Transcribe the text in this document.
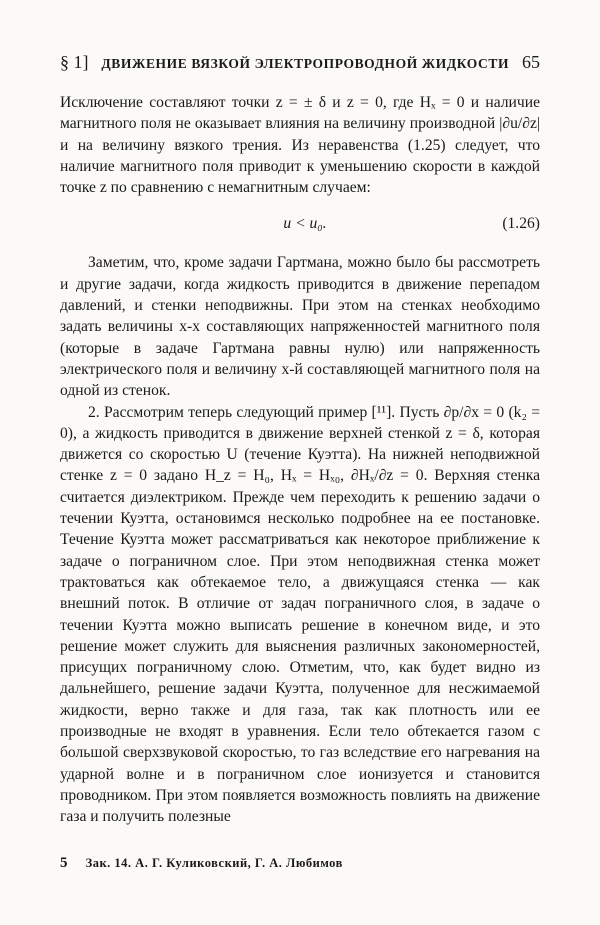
§ 1] ДВИЖЕНИЕ ВЯЗКОЙ ЭЛЕКТРОПРОВОДНОЙ ЖИДКОСТИ 65

Исключение составляют точки z = ± δ и z = 0, где Hₓ = 0 и наличие магнитного поля не оказывает влияния на величину производной |∂u/∂z| и на величину вязкого трения. Из неравенства (1.25) следует, что наличие магнитного поля приводит к уменьшению скорости в каждой точке z по сравнению с немагнитным случаем:

u < u₀.	(1.26)

Заметим, что, кроме задачи Гартмана, можно было бы рассмотреть и другие задачи, когда жидкость приводится в движение перепадом давлений, и стенки неподвижны. При этом на стенках необходимо задать величины x-x составляющих напряженностей магнитного поля (которые в задаче Гартмана равны нулю) или напряженность электрического поля и величину x-й составляющей магнитного поля на одной из стенок.

2. Рассмотрим теперь следующий пример [¹¹]. Пусть ∂p/∂x = 0 (k₂ = 0), а жидкость приводится в движение верхней стенкой z = δ, которая движется со скоростью U (течение Куэтта). На нижней неподвижной стенке z = 0 задано H_z = H₀, Hₓ = Hₓ₀, ∂Hₓ/∂z = 0. Верхняя стенка считается диэлектриком. Прежде чем переходить к решению задачи о течении Куэтта, остановимся несколько подробнее на ее постановке. Течение Куэтта может рассматриваться как некоторое приближение к задаче о пограничном слое. При этом неподвижная стенка может трактоваться как обтекаемое тело, а движущаяся стенка — как внешний поток. В отличие от задач пограничного слоя, в задаче о течении Куэтта можно выписать решение в конечном виде, и это решение может служить для выяснения различных закономерностей, присущих пограничному слою. Отметим, что, как будет видно из дальнейшего, решение задачи Куэтта, полученное для несжимаемой жидкости, верно также и для газа, так как плотность или ее производные не входят в уравнения. Если тело обтекается газом с большой сверхзвуковой скоростью, то газ вследствие его нагревания на ударной волне и в пограничном слое ионизуется и становится проводником. При этом появляется возможность повлиять на движение газа и получить полезные

5 Зак. 14. А. Г. Куликовский, Г. А. Любимов
